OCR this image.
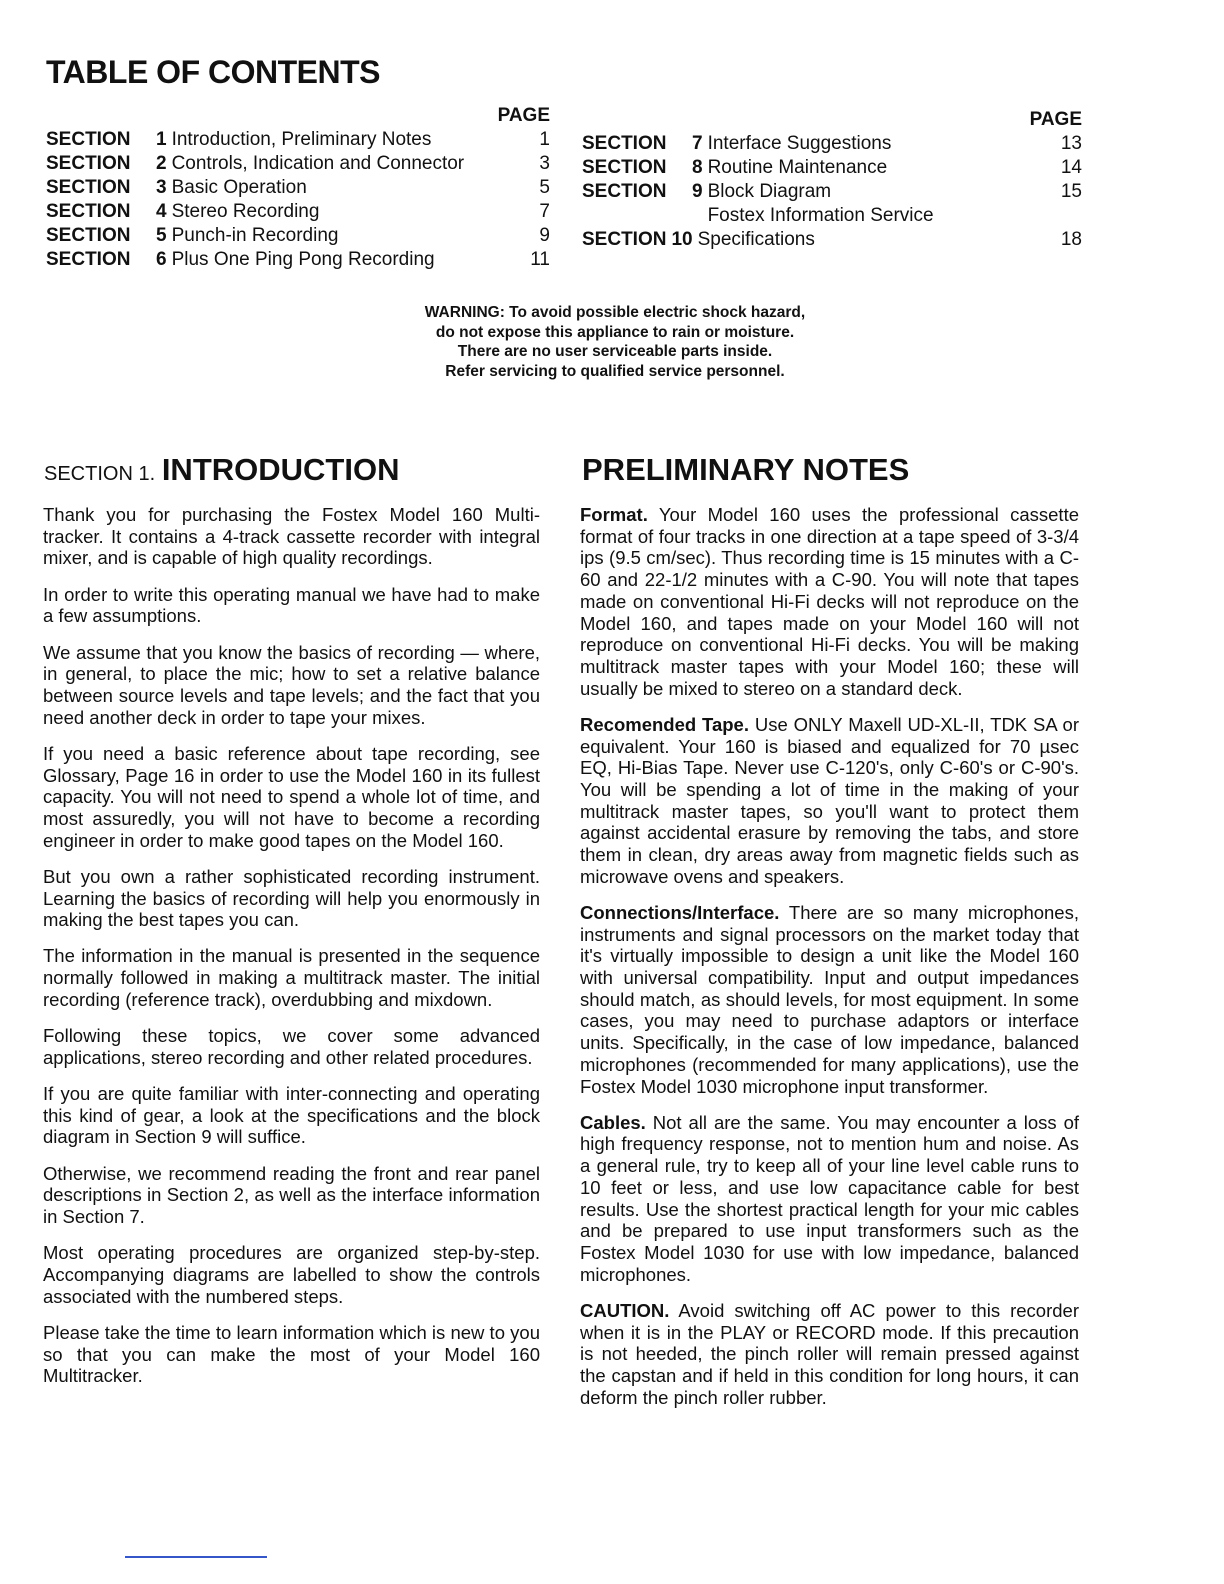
TABLE OF CONTENTS
PAGE
SECTION	1 Introduction, Preliminary Notes	1
SECTION	2 Controls, Indication and Connector	3
SECTION	3 Basic Operation	5
SECTION	4 Stereo Recording	7
SECTION	5 Punch-in Recording	9
SECTION	6 Plus One Ping Pong Recording	11
PAGE
SECTION	7 Interface Suggestions	13
SECTION	8 Routine Maintenance	14
SECTION	9 Block Diagram	15
Fostex Information Service
SECTION 10 Specifications	18
WARNING: To avoid possible electric shock hazard,
do not expose this appliance to rain or moisture.
There are no user serviceable parts inside.
Refer servicing to qualified service personnel.
SECTION 1. INTRODUCTION	PRELIMINARY NOTES

Thank you for purchasing the Fostex Model 160 Multi-tracker. It contains a 4-track cassette recorder with integral mixer, and is capable of high quality recordings.

In order to write this operating manual we have had to make a few assumptions.

We assume that you know the basics of recording — where, in general, to place the mic; how to set a relative balance between source levels and tape levels; and the fact that you need another deck in order to tape your mixes.

If you need a basic reference about tape recording, see Glossary, Page 16 in order to use the Model 160 in its fullest capacity. You will not need to spend a whole lot of time, and most assuredly, you will not have to become a recording engineer in order to make good tapes on the Model 160.

But you own a rather sophisticated recording instrument. Learning the basics of recording will help you enormously in making the best tapes you can.

The information in the manual is presented in the sequence normally followed in making a multitrack master. The initial recording (reference track), overdubbing and mixdown.

Following these topics, we cover some advanced applications, stereo recording and other related procedures.

If you are quite familiar with inter-connecting and operating this kind of gear, a look at the specifications and the block diagram in Section 9 will suffice.

Otherwise, we recommend reading the front and rear panel descriptions in Section 2, as well as the interface information in Section 7.

Most operating procedures are organized step-by-step. Accompanying diagrams are labelled to show the controls associated with the numbered steps.

Please take the time to learn information which is new to you so that you can make the most of your Model 160 Multitracker.

Format. Your Model 160 uses the professional cassette format of four tracks in one direction at a tape speed of 3-3/4 ips (9.5 cm/sec). Thus recording time is 15 minutes with a C-60 and 22-1/2 minutes with a C-90. You will note that tapes made on conventional Hi-Fi decks will not reproduce on the Model 160, and tapes made on your Model 160 will not reproduce on conventional Hi-Fi decks. You will be making multitrack master tapes with your Model 160; these will usually be mixed to stereo on a standard deck.

Recomended Tape. Use ONLY Maxell UD-XL-II, TDK SA or equivalent. Your 160 is biased and equalized for 70 µsec EQ, Hi-Bias Tape. Never use C-120's, only C-60's or C-90's. You will be spending a lot of time in the making of your multitrack master tapes, so you'll want to protect them against accidental erasure by removing the tabs, and store them in clean, dry areas away from magnetic fields such as microwave ovens and speakers.

Connections/Interface. There are so many microphones, instruments and signal processors on the market today that it's virtually impossible to design a unit like the Model 160 with universal compatibility. Input and output impedances should match, as should levels, for most equipment. In some cases, you may need to purchase adaptors or interface units. Specifically, in the case of low impedance, balanced microphones (recommended for many applications), use the Fostex Model 1030 microphone input transformer.

Cables. Not all are the same. You may encounter a loss of high frequency response, not to mention hum and noise. As a general rule, try to keep all of your line level cable runs to 10 feet or less, and use low capacitance cable for best results. Use the shortest practical length for your mic cables and be prepared to use input transformers such as the Fostex Model 1030 for use with low impedance, balanced microphones.

CAUTION. Avoid switching off AC power to this recorder when it is in the PLAY or RECORD mode. If this precaution is not heeded, the pinch roller will remain pressed against the capstan and if held in this condition for long hours, it can deform the pinch roller rubber.
